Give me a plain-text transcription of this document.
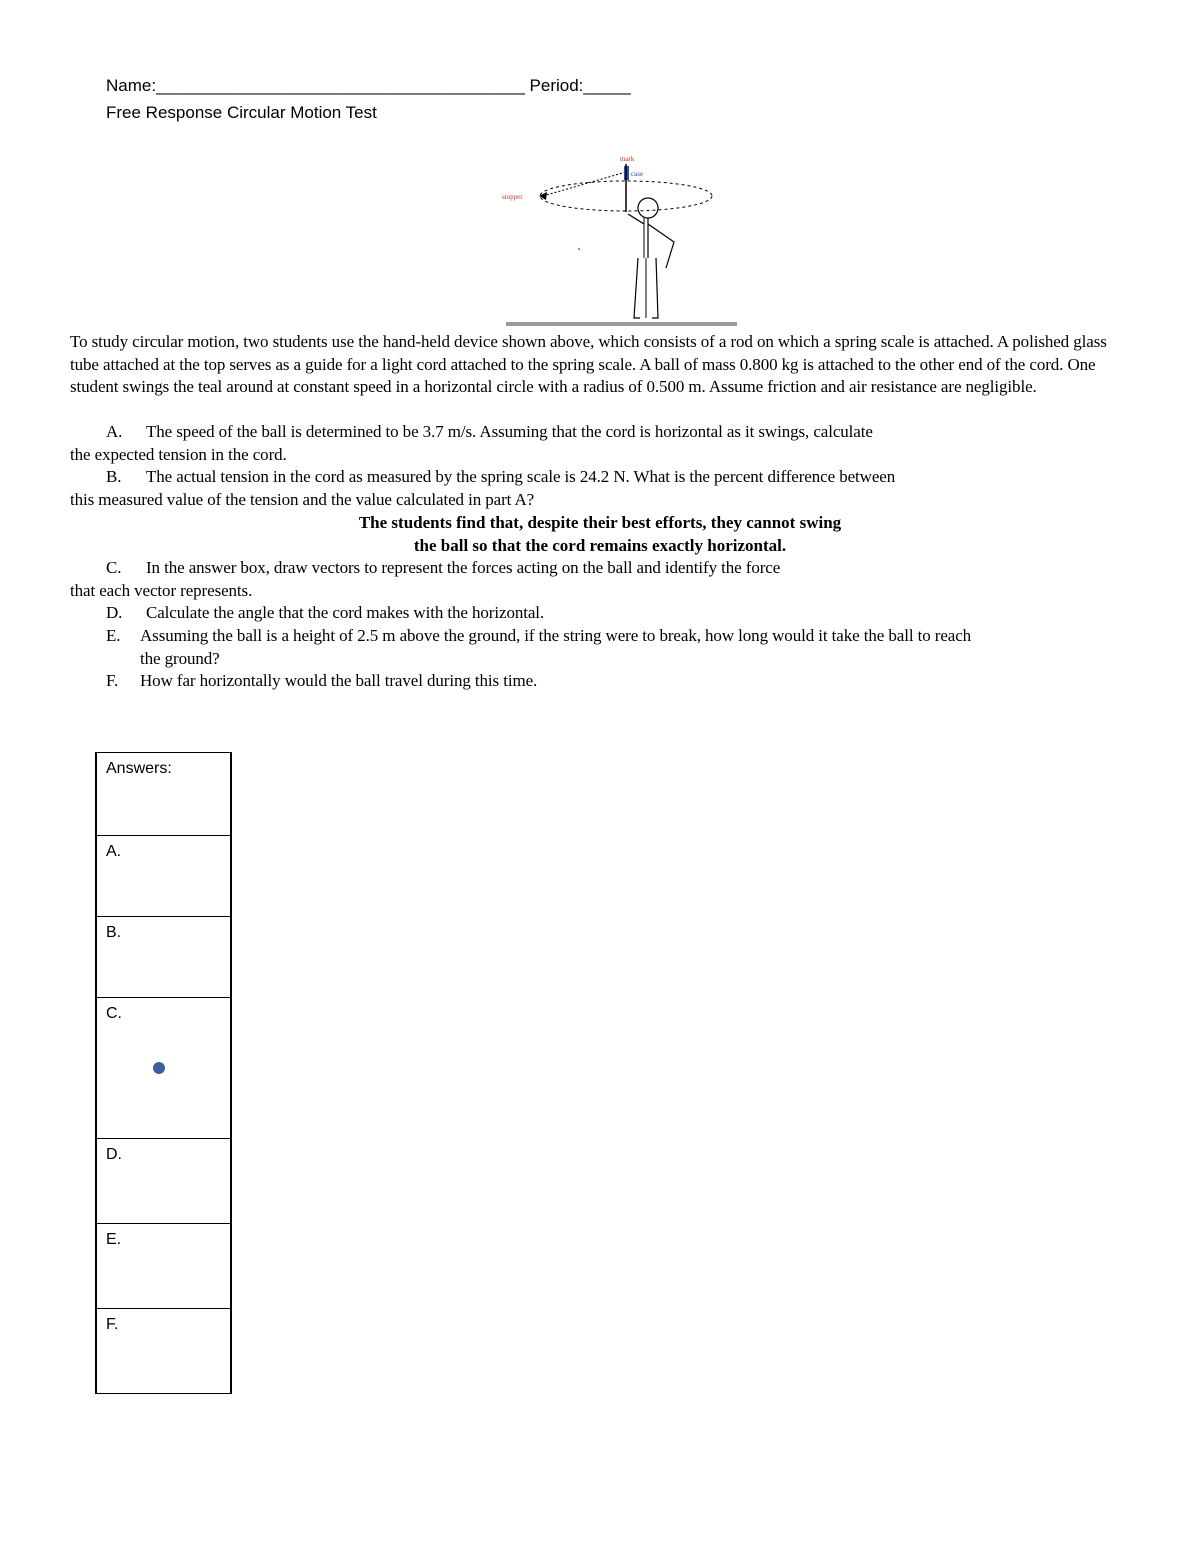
Name:_______________________________________ Period:_____
Free Response Circular Motion Test
mark
case
stopper
To study circular motion, two students use the hand-held device shown above, which consists of a rod on which a spring scale is attached. A polished glass tube attached at the top serves as a guide for a light cord attached to the spring scale. A ball of mass 0.800 kg is attached to the other end of the cord. One student swings the teal around at constant speed in a horizontal circle with a radius of 0.500 m. Assume friction and air resistance are negligible.
A. The speed of the ball is determined to be 3.7 m/s. Assuming that the cord is horizontal as it swings, calculate
the expected tension in the cord.
B. The actual tension in the cord as measured by the spring scale is 24.2 N. What is the percent difference between
this measured value of the tension and the value calculated in part A?
The students find that, despite their best efforts, they cannot swing
the ball so that the cord remains exactly horizontal.
C. In the answer box, draw vectors to represent the forces acting on the ball and identify the force
that each vector represents.
D. Calculate the angle that the cord makes with the horizontal.
E. Assuming the ball is a height of 2.5 m above the ground, if the string were to break, how long would it take the ball to reach
the ground?
F. How far horizontally would the ball travel during this time.
Answers:
A.
B.
C.
D.
E.
F.
